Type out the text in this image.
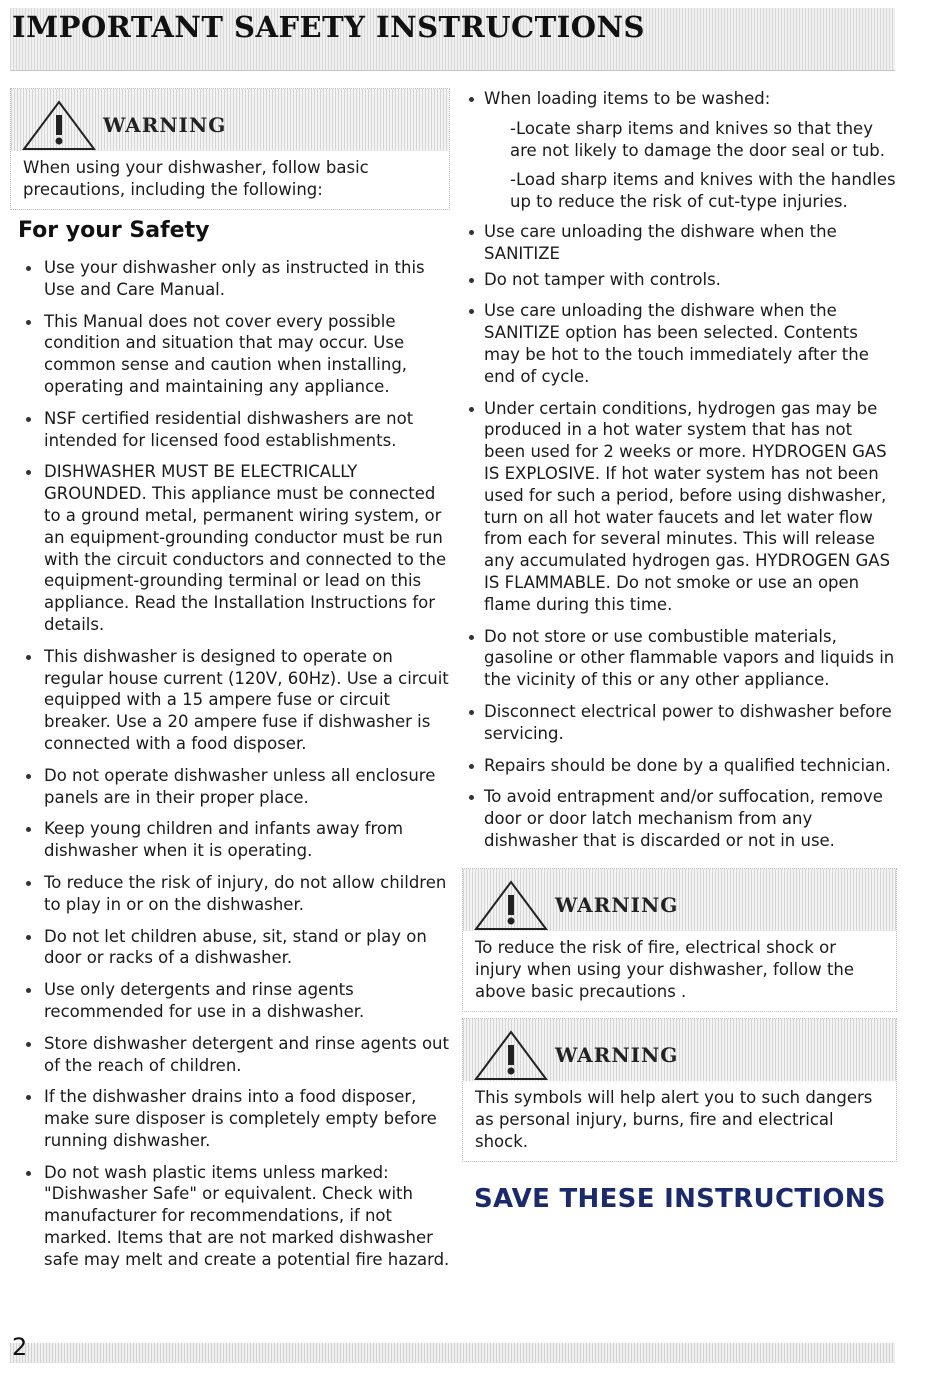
IMPORTANT SAFETY INSTRUCTIONS
WARNING
When using your dishwasher, follow basic precautions, including the following:
For your Safety
Use your dishwasher only as instructed in this Use and Care Manual.
This Manual does not cover every possible condition and situation that may occur. Use common sense and caution when installing, operating and maintaining any appliance.
NSF certified residential dishwashers are not intended for licensed food establishments.
DISHWASHER MUST BE ELECTRICALLY GROUNDED. This appliance must be connected to a ground metal, permanent wiring system, or an equipment-grounding conductor must be run with the circuit conductors and connected to the equipment-grounding terminal or lead on this appliance. Read the Installation Instructions for details.
This dishwasher is designed to operate on regular house current (120V, 60Hz). Use a circuit equipped with a 15 ampere fuse or circuit breaker. Use a 20 ampere fuse if dishwasher is connected with a food disposer.
Do not operate dishwasher unless all enclosure panels are in their proper place.
Keep young children and infants away from dishwasher when it is operating.
To reduce the risk of injury, do not allow children to play in or on the dishwasher.
Do not let children abuse, sit, stand or play on door or racks of a dishwasher.
Use only detergents and rinse agents recommended for use in a dishwasher.
Store dishwasher detergent and rinse agents out of the reach of children.
If the dishwasher drains into a food disposer, make sure disposer is completely empty before running dishwasher.
Do not wash plastic items unless marked: "Dishwasher Safe" or equivalent. Check with manufacturer for recommendations, if not marked. Items that are not marked dishwasher safe may melt and create a potential fire hazard.
When loading items to be washed:
-Locate sharp items and knives so that they are not likely to damage the door seal or tub.
-Load sharp items and knives with the handles up to reduce the risk of cut-type injuries.
Use care unloading the dishware when the SANITIZE
Do not tamper with controls.
Use care unloading the dishware when the SANITIZE option has been selected. Contents may be hot to the touch immediately after the end of cycle.
Under certain conditions, hydrogen gas may be produced in a hot water system that has not been used for 2 weeks or more. HYDROGEN GAS IS EXPLOSIVE. If hot water system has not been used for such a period, before using dishwasher, turn on all hot water faucets and let water flow from each for several minutes. This will release any accumulated hydrogen gas. HYDROGEN GAS IS FLAMMABLE. Do not smoke or use an open flame during this time.
Do not store or use combustible materials, gasoline or other flammable vapors and liquids in the vicinity of this or any other appliance.
Disconnect electrical power to dishwasher before servicing.
Repairs should be done by a qualified technician.
To avoid entrapment and/or suffocation, remove door or door latch mechanism from any dishwasher that is discarded or not in use.
WARNING
To reduce the risk of fire, electrical shock or injury when using your dishwasher, follow the above basic precautions .
WARNING
This symbols will help alert you to such dangers as personal injury, burns, fire and electrical shock.
SAVE THESE INSTRUCTIONS
2
